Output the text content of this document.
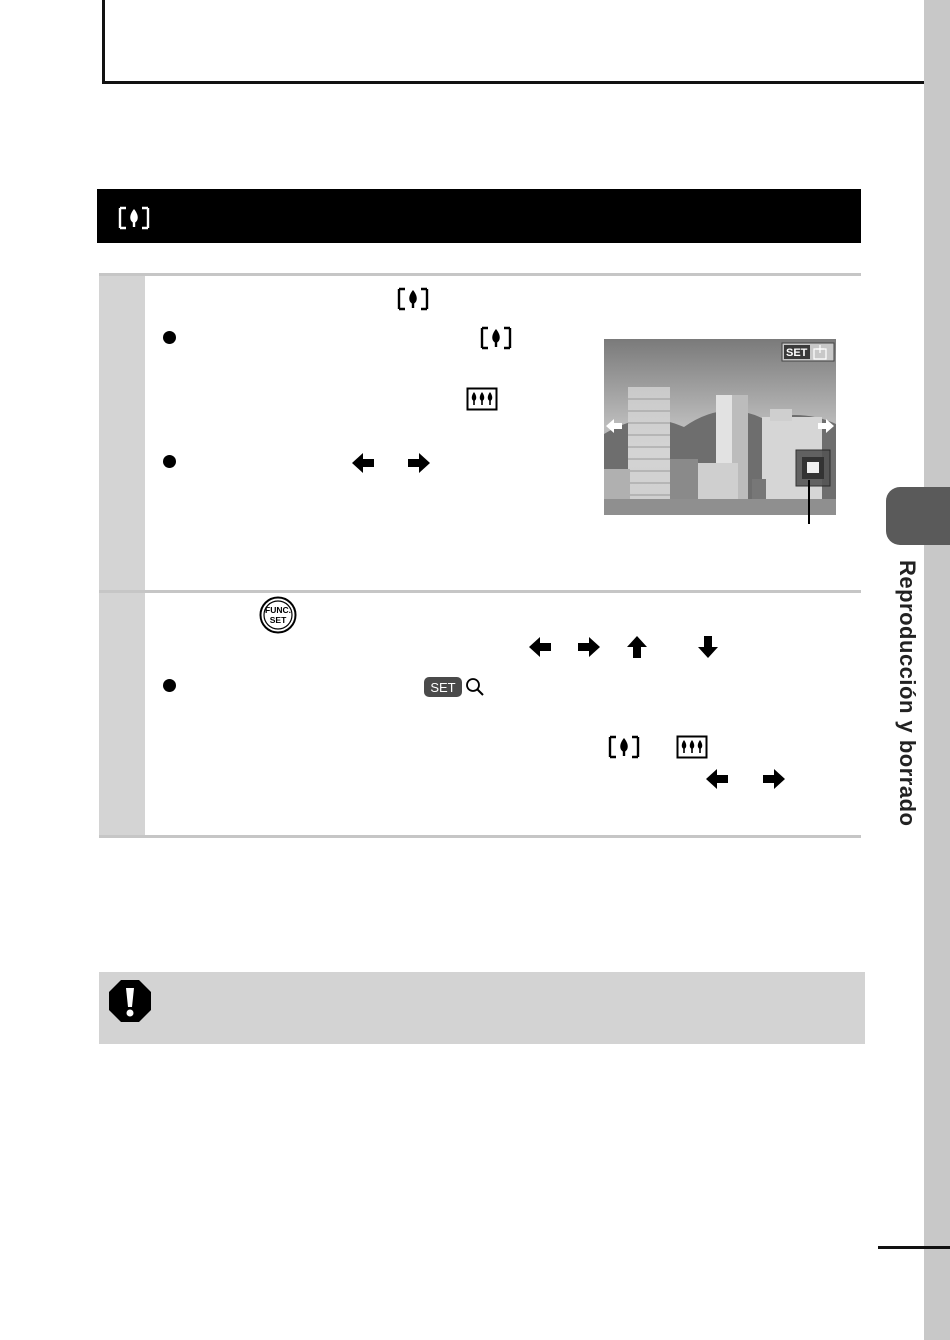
Reproducción y borrado
SET
FUNC.
SET
SET
